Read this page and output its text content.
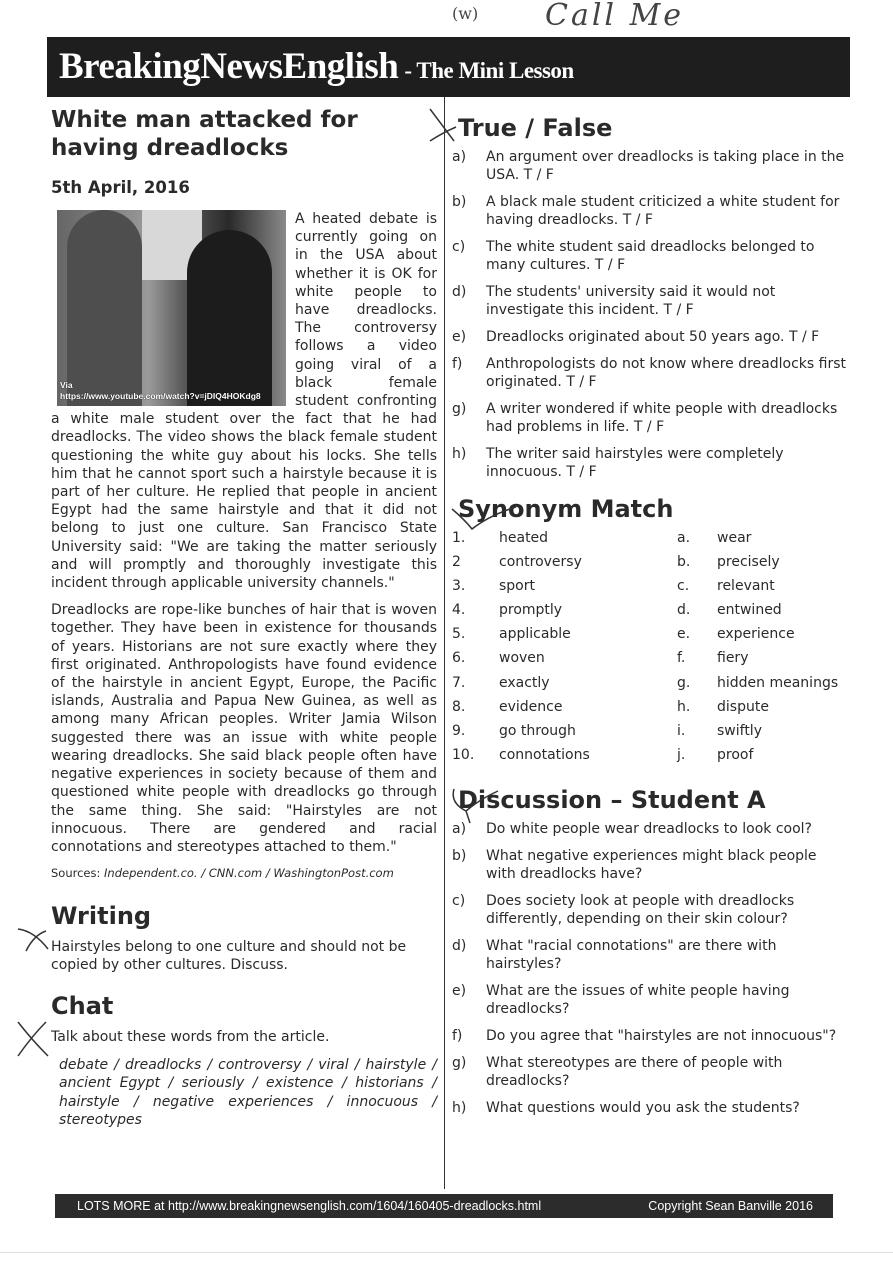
(w) Call Me
BreakingNewsEnglish - The Mini Lesson
White man attacked for having dreadlocks
5th April, 2016
Via
https://www.youtube.com/watch?v=jDIQ4HOKdg8

A heated debate is currently going on in the USA about whether it is OK for white people to have dreadlocks. The controversy follows a video going viral of a black female student confronting a white male student over the fact that he had dreadlocks. The video shows the black female student questioning the white guy about his locks. She tells him that he cannot sport such a hairstyle because it is part of her culture. He replied that people in ancient Egypt had the same hairstyle and that it did not belong to just one culture. San Francisco State University said: "We are taking the matter seriously and will promptly and thoroughly investigate this incident through applicable university channels."

Dreadlocks are rope-like bunches of hair that is woven together. They have been in existence for thousands of years. Historians are not sure exactly where they first originated. Anthropologists have found evidence of the hairstyle in ancient Egypt, Europe, the Pacific islands, Australia and Papua New Guinea, as well as among many African peoples. Writer Jamia Wilson suggested there was an issue with white people wearing dreadlocks. She said black people often have negative experiences in society because of them and questioned white people with dreadlocks go through the same thing. She said: "Hairstyles are not innocuous. There are gendered and racial connotations and stereotypes attached to them."

Sources: Independent.co. / CNN.com / WashingtonPost.com
Writing
Hairstyles belong to one culture and should not be copied by other cultures. Discuss.
Chat
Talk about these words from the article.
debate / dreadlocks / controversy / viral / hairstyle / ancient Egypt / seriously / existence / historians / hairstyle / negative experiences / innocuous / stereotypes
True / False
a)	An argument over dreadlocks is taking place in the USA. T / F
b)	A black male student criticized a white student for having dreadlocks. T / F
c)	The white student said dreadlocks belonged to many cultures. T / F
d)	The students' university said it would not investigate this incident. T / F
e)	Dreadlocks originated about 50 years ago. T / F
f)	Anthropologists do not know where dreadlocks first originated. T / F
g)	A writer wondered if white people with dreadlocks had problems in life. T / F
h)	The writer said hairstyles were completely innocuous. T / F
Synonym Match
1.	heated	a.	wear
2	controversy	b.	precisely
3.	sport	c.	relevant
4.	promptly	d.	entwined
5.	applicable	e.	experience
6.	woven	f.	fiery
7.	exactly	g.	hidden meanings
8.	evidence	h.	dispute
9.	go through	i.	swiftly
10.	connotations	j.	proof
Discussion – Student A
a)	Do white people wear dreadlocks to look cool?
b)	What negative experiences might black people with dreadlocks have?
c)	Does society look at people with dreadlocks differently, depending on their skin colour?
d)	What "racial connotations" are there with hairstyles?
e)	What are the issues of white people having dreadlocks?
f)	Do you agree that "hairstyles are not innocuous"?
g)	What stereotypes are there of people with dreadlocks?
h)	What questions would you ask the students?
LOTS MORE at http://www.breakingnewsenglish.com/1604/160405-dreadlocks.html	Copyright Sean Banville 2016
